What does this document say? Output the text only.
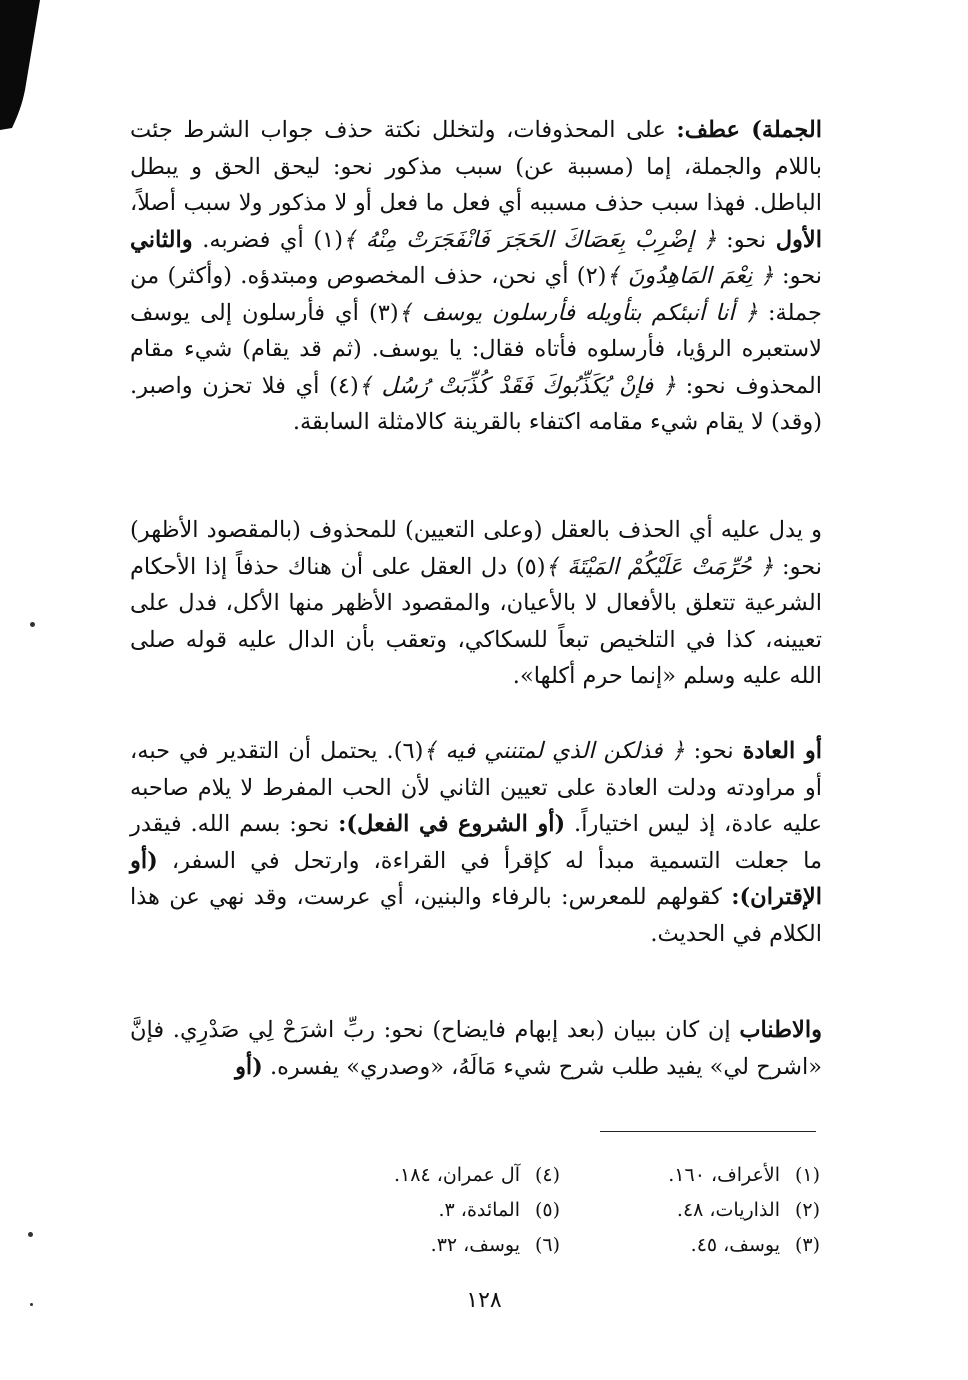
الجملة) عطف: على المحذوفات، ولتخلل نكتة حذف جواب الشرط جئت باللام والجملة، إما (مسببة عن) سبب مذكور نحو: ليحق الحق و يبطل الباطل. فهذا سبب حذف مسببه أي فعل ما فعل أو لا مذكور ولا سبب أصلاً، الأول نحو: ﴿ إضْرِبْ بِعَصَاكَ الحَجَرَ فَانْفَجَرَتْ مِنْهُ ﴾(١) أي فضربه. والثاني نحو: ﴿ نِعْمَ المَاهِدُونَ ﴾(٢) أي نحن، حذف المخصوص ومبتدؤه. (وأكثر) من جملة: ﴿ أنا أنبئكم بتأويله فأرسلون يوسف ﴾(٣) أي فأرسلون إلى يوسف لاستعبره الرؤيا، فأرسلوه فأتاه فقال: يا يوسف. (ثم قد يقام) شيء مقام المحذوف نحو: ﴿ فإنْ يُكَذِّبُوكَ فَقَدْ كُذِّبَتْ رُسُل ﴾(٤) أي فلا تحزن واصبر. (وقد) لا يقام شيء مقامه اكتفاء بالقرينة كالامثلة السابقة.

و يدل عليه أي الحذف بالعقل (وعلى التعيين) للمحذوف (بالمقصود الأظهر) نحو: ﴿ حُرِّمَتْ عَلَيْكُمْ المَيْتَةَ ﴾(٥) دل العقل على أن هناك حذفاً إذا الأحكام الشرعية تتعلق بالأفعال لا بالأعيان، والمقصود الأظهر منها الأكل، فدل على تعيينه، كذا في التلخيص تبعاً للسكاكي، وتعقب بأن الدال عليه قوله صلى الله عليه وسلم «إنما حرم أكلها».

أو العادة نحو: ﴿ فذلكن الذي لمتنني فيه ﴾(٦). يحتمل أن التقدير في حبه، أو مراودته ودلت العادة على تعيين الثاني لأن الحب المفرط لا يلام صاحبه عليه عادة، إذ ليس اختياراً. (أو الشروع في الفعل): نحو: بسم الله. فيقدر ما جعلت التسمية مبدأ له كإقرأ في القراءة، وارتحل في السفر، (أو الإقتران): كقولهم للمعرس: بالرفاء والبنين، أي عرست، وقد نهي عن هذا الكلام في الحديث.

والاطناب إن كان ببيان (بعد إبهام فايضاح) نحو: ربِّ اشرَحْ لِي صَدْرِي. فإنَّ «اشرح لي» يفيد طلب شرح شيء مَالَهُ، «وصدري» يفسره. (أو

(١)
الأعراف، ١٦٠.
(٤)
آل عمران، ١٨٤.
(٢)
الذاريات، ٤٨.
(٥)
المائدة، ٣.
(٣)
يوسف، ٤٥.
(٦)
يوسف، ٣٢.
١٢٨
